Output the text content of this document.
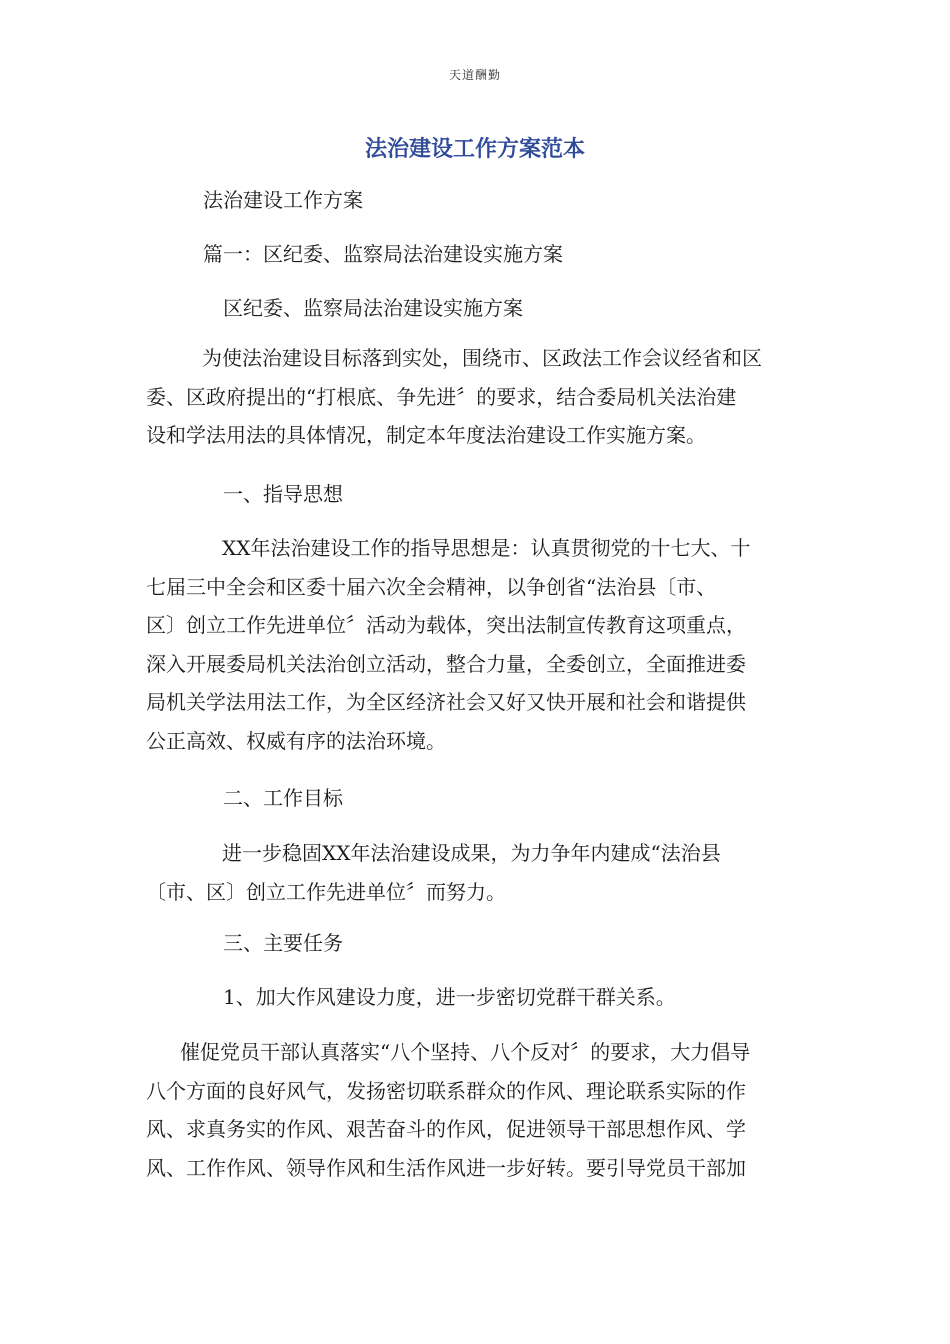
天道酬勤
法治建设工作方案范本

法治建设工作方案

篇一：区纪委、监察局法治建设实施方案

区纪委、监察局法治建设实施方案

为使法治建设目标落到实处，围绕市、区政法工作会议经省和区
委、区政府提出的“打根底、争先进〞的要求，结合委局机关法治建
设和学法用法的具体情况，制定本年度法治建设工作实施方案。

一、指导思想

XX年法治建设工作的指导思想是：认真贯彻党的十七大、十
七届三中全会和区委十届六次全会精神，以争创省“法治县〔市、
区〕创立工作先进单位〞活动为载体，突出法制宣传教育这项重点，
深入开展委局机关法治创立活动，整合力量，全委创立，全面推进委
局机关学法用法工作，为全区经济社会又好又快开展和社会和谐提供
公正高效、权威有序的法治环境。

二、工作目标

进一步稳固XX年法治建设成果，为力争年内建成“法治县
〔市、区〕创立工作先进单位〞而努力。

三、主要任务

1、加大作风建设力度，进一步密切党群干群关系。

催促党员干部认真落实“八个坚持、八个反对〞的要求，大力倡导
八个方面的良好风气，发扬密切联系群众的作风、理论联系实际的作
风、求真务实的作风、艰苦奋斗的作风，促进领导干部思想作风、学
风、工作作风、领导作风和生活作风进一步好转。要引导党员干部加
